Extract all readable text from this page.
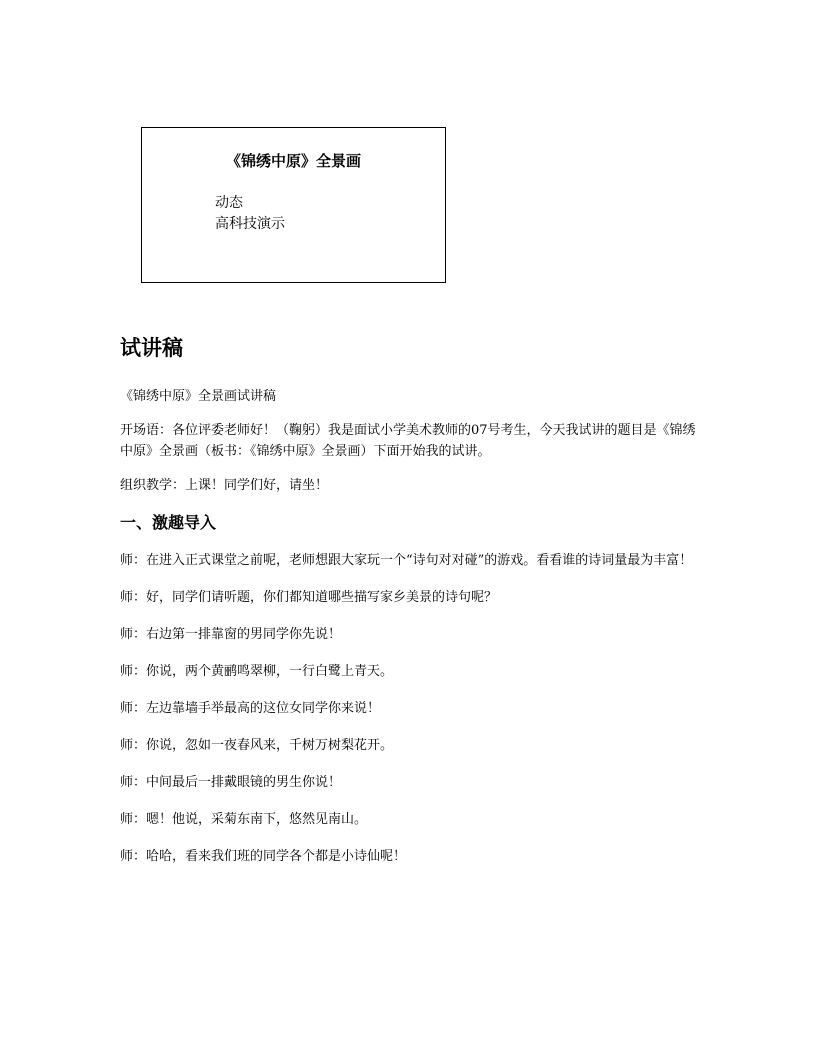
《锦绣中原》全景画
动态
高科技演示
试讲稿

《锦绣中原》全景画试讲稿

开场语：各位评委老师好！（鞠躬）我是面试小学美术教师的07号考生，今天我试讲的题目是《锦绣中原》全景画（板书：《锦绣中原》全景画）下面开始我的试讲。

组织教学：上课！同学们好，请坐！

一、激趣导入

师：在进入正式课堂之前呢，老师想跟大家玩一个“诗句对对碰”的游戏。看看谁的诗词量最为丰富！

师：好，同学们请听题，你们都知道哪些描写家乡美景的诗句呢？

师：右边第一排靠窗的男同学你先说！

师：你说，两个黄鹂鸣翠柳，一行白鹭上青天。

师：左边靠墙手举最高的这位女同学你来说！

师：你说，忽如一夜春风来，千树万树梨花开。

师：中间最后一排戴眼镜的男生你说！

师：嗯！他说，采菊东南下，悠然见南山。

师：哈哈，看来我们班的同学各个都是小诗仙呢！
